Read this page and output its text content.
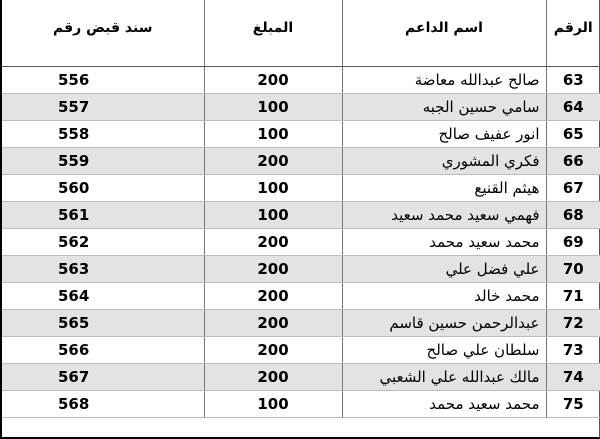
الرقم	اسم الداعم	المبلغ	سند قبض رقم
63	صالح عبدالله معاضة	200	556
64	سامي حسين الجبه	100	557
65	انور عفيف صالح	100	558
66	فكري المشوري	200	559
67	هيثم القنيع	100	560
68	فهمي سعيد محمد سعيد	100	561
69	محمد سعيد محمد	200	562
70	علي فضل علي	200	563
71	محمد خالد	200	564
72	عبدالرحمن حسين قاسم	200	565
73	سلطان علي صالح	200	566
74	مالك عبدالله علي الشعبي	200	567
75	محمد سعيد محمد	100	568
